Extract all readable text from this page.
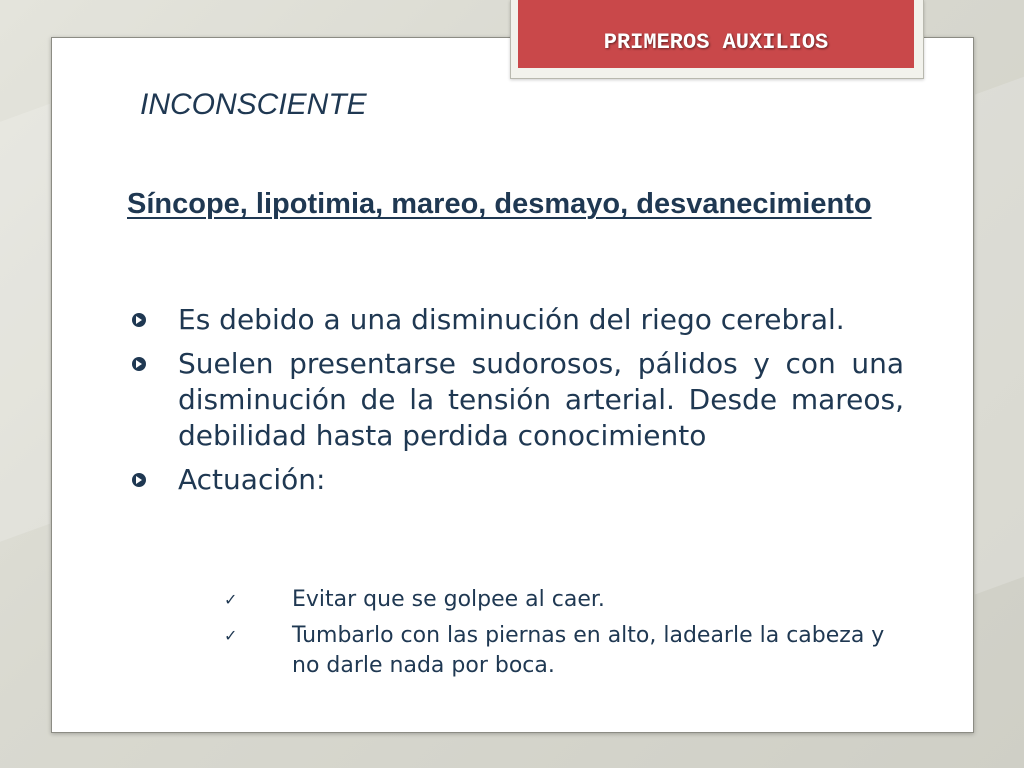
PRIMEROS AUXILIOS
INCONSCIENTE
Síncope, lipotimia, mareo, desmayo, desvanecimiento
Es debido a una disminución del riego cerebral.
Suelen presentarse sudorosos, pálidos y con una disminución de la tensión arterial. Desde mareos, debilidad hasta perdida conocimiento
Actuación:
✓ Evitar que se golpee al caer.
✓ Tumbarlo con las piernas en alto, ladearle la cabeza y no darle nada por boca.
